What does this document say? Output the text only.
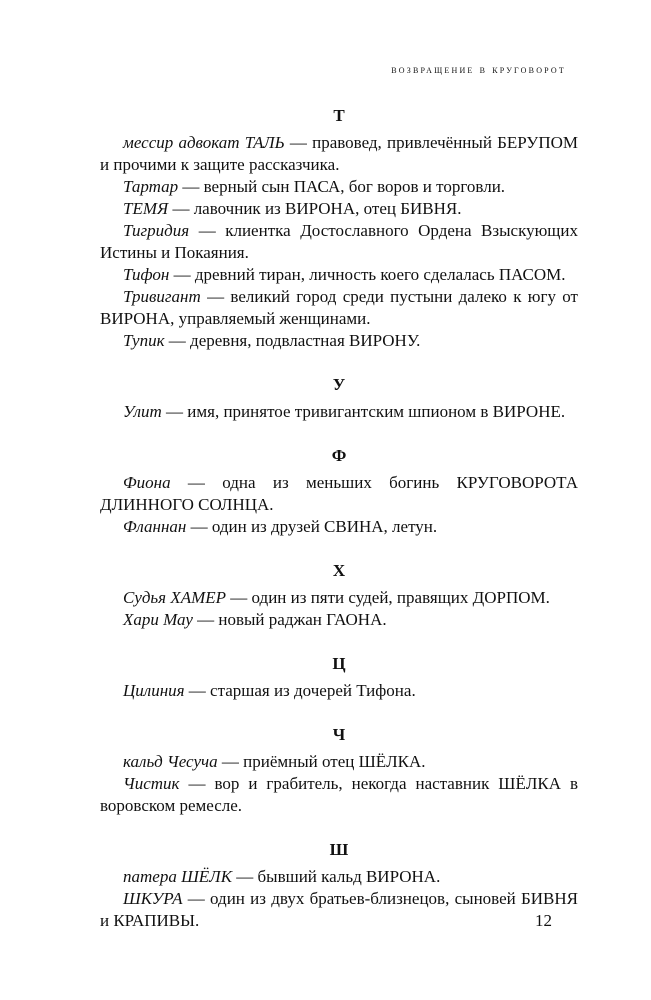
возвращение в круговорот
Т

мессир адвокат ТАЛЬ — правовед, привлечённый БЕРУПОМ и прочими к защите рассказчика.

Тартар — верный сын ПАСА, бог воров и торговли.

ТЕМЯ — лавочник из ВИРОНА, отец БИВНЯ.

Тигридия — клиентка Достославного Ордена Взыскующих Истины и Покаяния.

Тифон — древний тиран, личность коего сделалась ПАСОМ.

Тривигант — великий город среди пустыни далеко к югу от ВИРОНА, управляемый женщинами.

Тупик — деревня, подвластная ВИРОНУ.

У

Улит — имя, принятое тривигантским шпионом в ВИРОНЕ.

Ф

Фиона — одна из меньших богинь КРУГОВОРОТА ДЛИННОГО СОЛНЦА.

Фланнан — один из друзей СВИНА, летун.

Х

Судья ХАМЕР — один из пяти судей, правящих ДОРПОМ.

Хари Мау — новый раджан ГАОНА.

Ц

Цилиния — старшая из дочерей Тифона.

Ч

кальд Чесуча — приёмный отец ШЁЛКА.

Чистик — вор и грабитель, некогда наставник ШЁЛКА в воровском ремесле.

Ш

патера ШЁЛК — бывший кальд ВИРОНА.

ШКУРА — один из двух братьев-близнецов, сыновей БИВНЯ и КРАПИВЫ.	12
